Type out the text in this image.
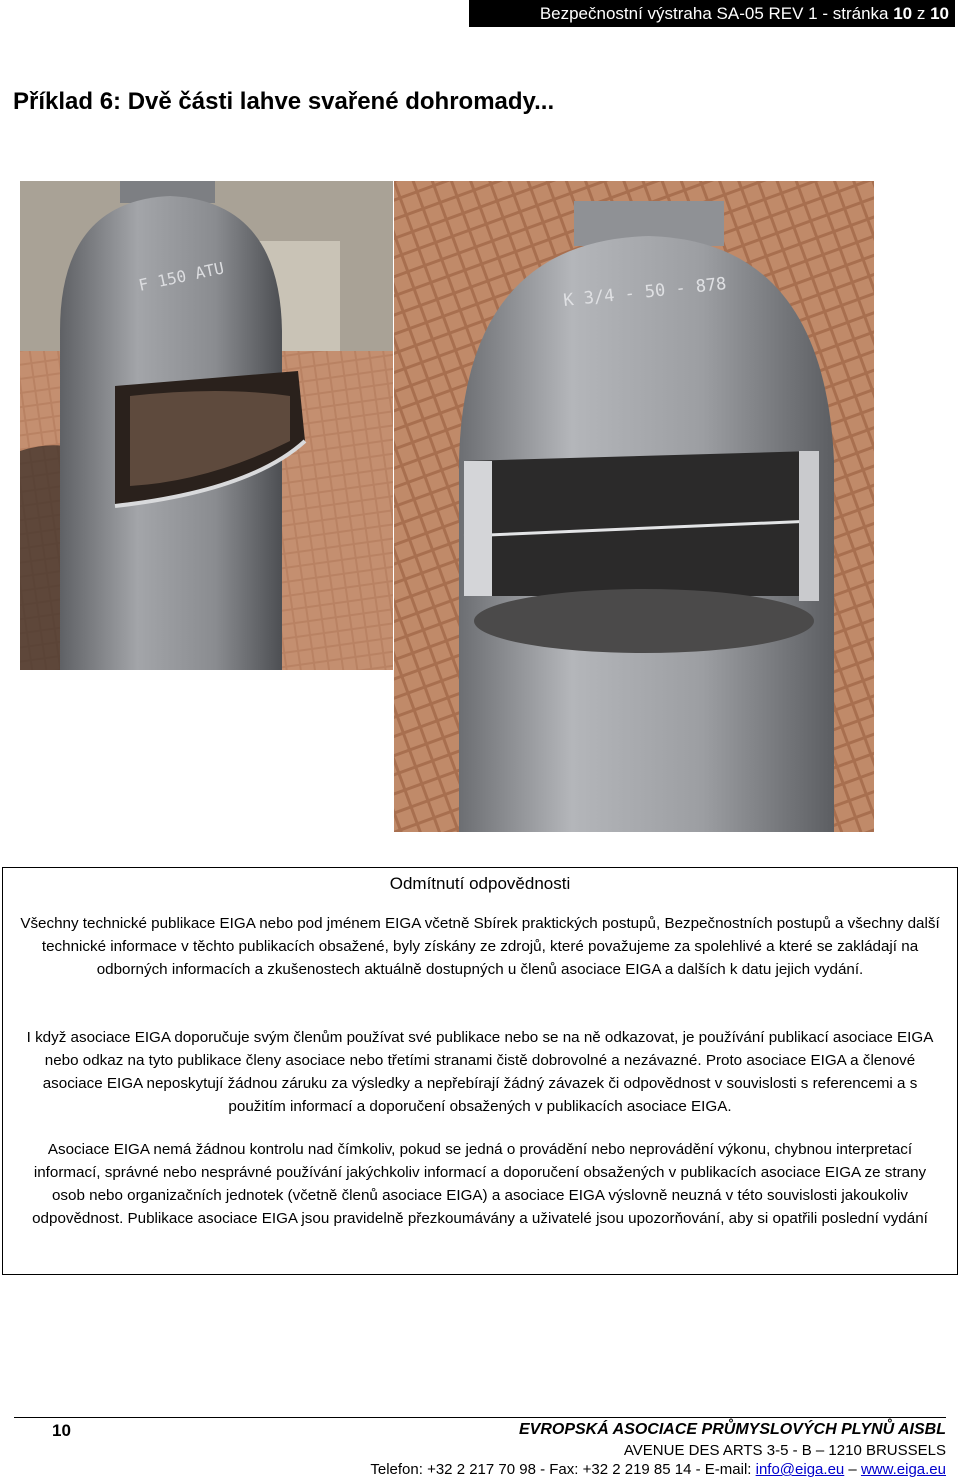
Bezpečnostní výstraha SA-05 REV 1 - stránka 10 z 10
Příklad 6: Dvě části lahve svařené dohromady...
F 150 ATU	K 3/4 - 50 - 878
Odmítnutí odpovědnosti

Všechny technické publikace EIGA nebo pod jménem EIGA včetně Sbírek praktických postupů, Bezpečnostních postupů a všechny další technické informace v těchto publikacích obsažené, byly získány ze zdrojů, které považujeme za spolehlivé a které se zakládají na odborných informacích a zkušenostech aktuálně dostupných u členů asociace EIGA a dalších k datu jejich vydání.

I když asociace EIGA doporučuje svým členům používat své publikace nebo se na ně odkazovat, je používání publikací asociace EIGA nebo odkaz na tyto publikace členy asociace nebo třetími stranami čistě dobrovolné a nezávazné. Proto asociace EIGA a členové asociace EIGA neposkytují žádnou záruku za výsledky a nepřebírají žádný závazek či odpovědnost v souvislosti s referencemi a s použitím informací a doporučení obsažených v publikacích asociace EIGA.

Asociace EIGA nemá žádnou kontrolu nad čímkoliv, pokud se jedná o provádění nebo neprovádění výkonu, chybnou interpretací informací, správné nebo nesprávné používání jakýchkoliv informací a doporučení obsažených v publikacích asociace EIGA ze strany osob nebo organizačních jednotek (včetně členů asociace EIGA) a asociace EIGA výslovně neuzná v této souvislosti jakoukoliv odpovědnost. Publikace asociace EIGA jsou pravidelně přezkoumávány a uživatelé jsou upozorňování, aby si opatřili poslední vydání

10	EVROPSKÁ ASOCIACE PRŮMYSLOVÝCH PLYNŮ AISBL
AVENUE DES ARTS 3-5 - B – 1210 BRUSSELS
Telefon: +32 2 217 70 98 - Fax: +32 2 219 85 14 - E-mail: info@eiga.eu – www.eiga.eu
